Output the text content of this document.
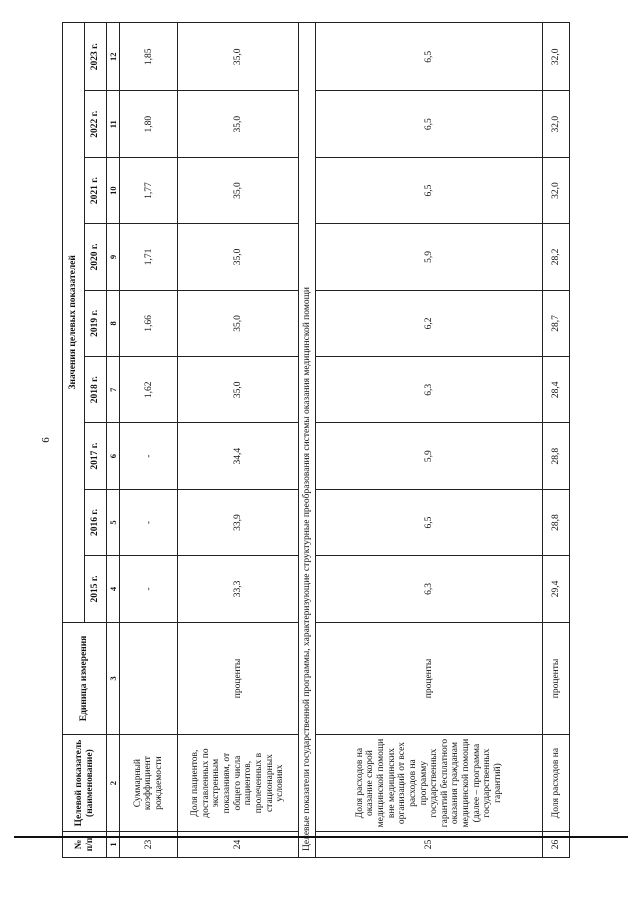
6
№ п/п	Целевой показатель (наименование)	Единица измерения	Значения целевых показателей								
			2015 г.	2016 г.	2017 г.	2018 г.	2019 г.	2020 г.	2021 г.	2022 г.	2023 г.
1	2	3	4	5	6	7	8	9	10	11	12
23	Суммарный коэффициент рождаемости		-	-	-	1,62	1,66	1,71	1,77	1,80	1,85
24	Доля пациентов, доставленных по экстренным показаниям, от общего числа пациентов, пролеченных в стационарных условиях	проценты	33,3	33,9	34,4	35,0	35,0	35,0	35,0	35,0	35,0
Целевые показатели государственной программы, характеризующие структурные преобразования системы оказания медицинской помощи											
25	Доля расходов на оказание скорой медицинской помощи вне медицинских организаций от всех расходов на программу государственных гарантий бесплатного оказания гражданам медицинской помощи (далее – программа государственных гарантий)	проценты	6,3	6,5	5,9	6,3	6,2	5,9	6,5	6,5	6,5
26	Доля расходов на	проценты	29,4	28,8	28,8	28,4	28,7	28,2	32,0	32,0	32,0
